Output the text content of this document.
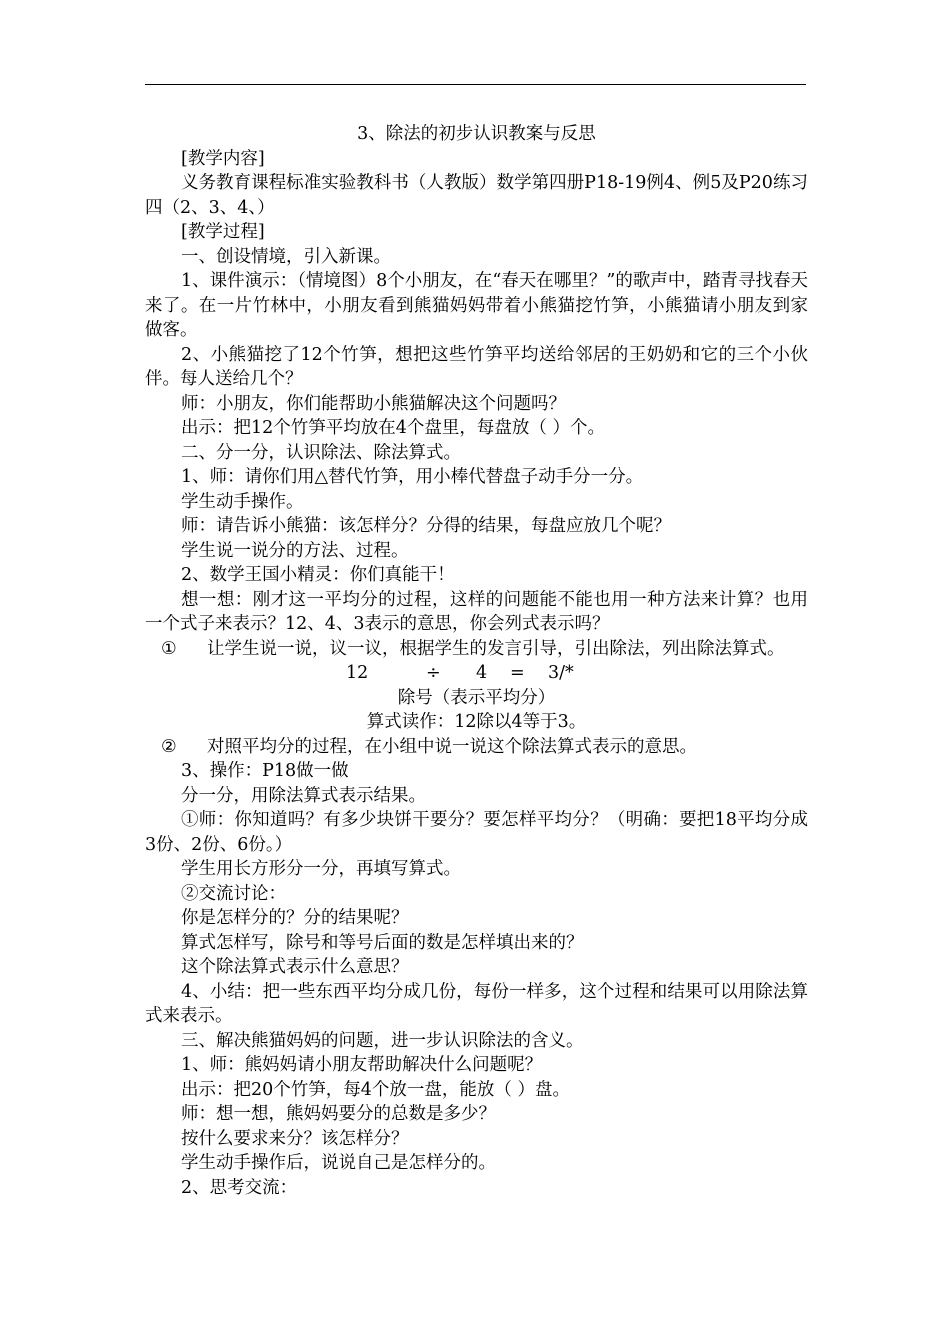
3、除法的初步认识教案与反思

[教学内容]

义务教育课程标准实验教科书（人教版）数学第四册P18-19例4、例5及P20练习四（2、3、4、）

[教学过程]

一、创设情境，引入新课。

1、课件演示：（情境图）8个小朋友，在“春天在哪里？”的歌声中，踏青寻找春天来了。在一片竹林中，小朋友看到熊猫妈妈带着小熊猫挖竹笋，小熊猫请小朋友到家做客。

2、小熊猫挖了12个竹笋，想把这些竹笋平均送给邻居的王奶奶和它的三个小伙伴。每人送给几个？

师：小朋友，你们能帮助小熊猫解决这个问题吗？

出示：把12个竹笋平均放在4个盘里，每盘放（ ）个。

二、分一分，认识除法、除法算式。

1、师：请你们用△替代竹笋，用小棒代替盘子动手分一分。

学生动手操作。

师：请告诉小熊猫：该怎样分？分得的结果，每盘应放几个呢？

学生说一说分的方法、过程。

2、数学王国小精灵：你们真能干！

想一想：刚才这一平均分的过程，这样的问题能不能也用一种方法来计算？也用一个式子来表示？12、4、3表示的意思，你会列式表示吗？

① 让学生说一说，议一议，根据学生的发言引导，引出除法，列出除法算式。

12	÷ 4 = 3/*

除号（表示平均分）

算式读作：12除以4等于3。

② 对照平均分的过程，在小组中说一说这个除法算式表示的意思。

3、操作：P18做一做

分一分，用除法算式表示结果。

①师：你知道吗？有多少块饼干要分？要怎样平均分？（明确：要把18平均分成3份、2份、6份。）

学生用长方形分一分，再填写算式。

②交流讨论：

你是怎样分的？分的结果呢？

算式怎样写，除号和等号后面的数是怎样填出来的？

这个除法算式表示什么意思？

4、小结：把一些东西平均分成几份，每份一样多，这个过程和结果可以用除法算式来表示。

三、解决熊猫妈妈的问题，进一步认识除法的含义。

1、师：熊妈妈请小朋友帮助解决什么问题呢？

出示：把20个竹笋，每4个放一盘，能放（ ）盘。

师：想一想，熊妈妈要分的总数是多少？

按什么要求来分？该怎样分？

学生动手操作后，说说自己是怎样分的。

2、思考交流：
